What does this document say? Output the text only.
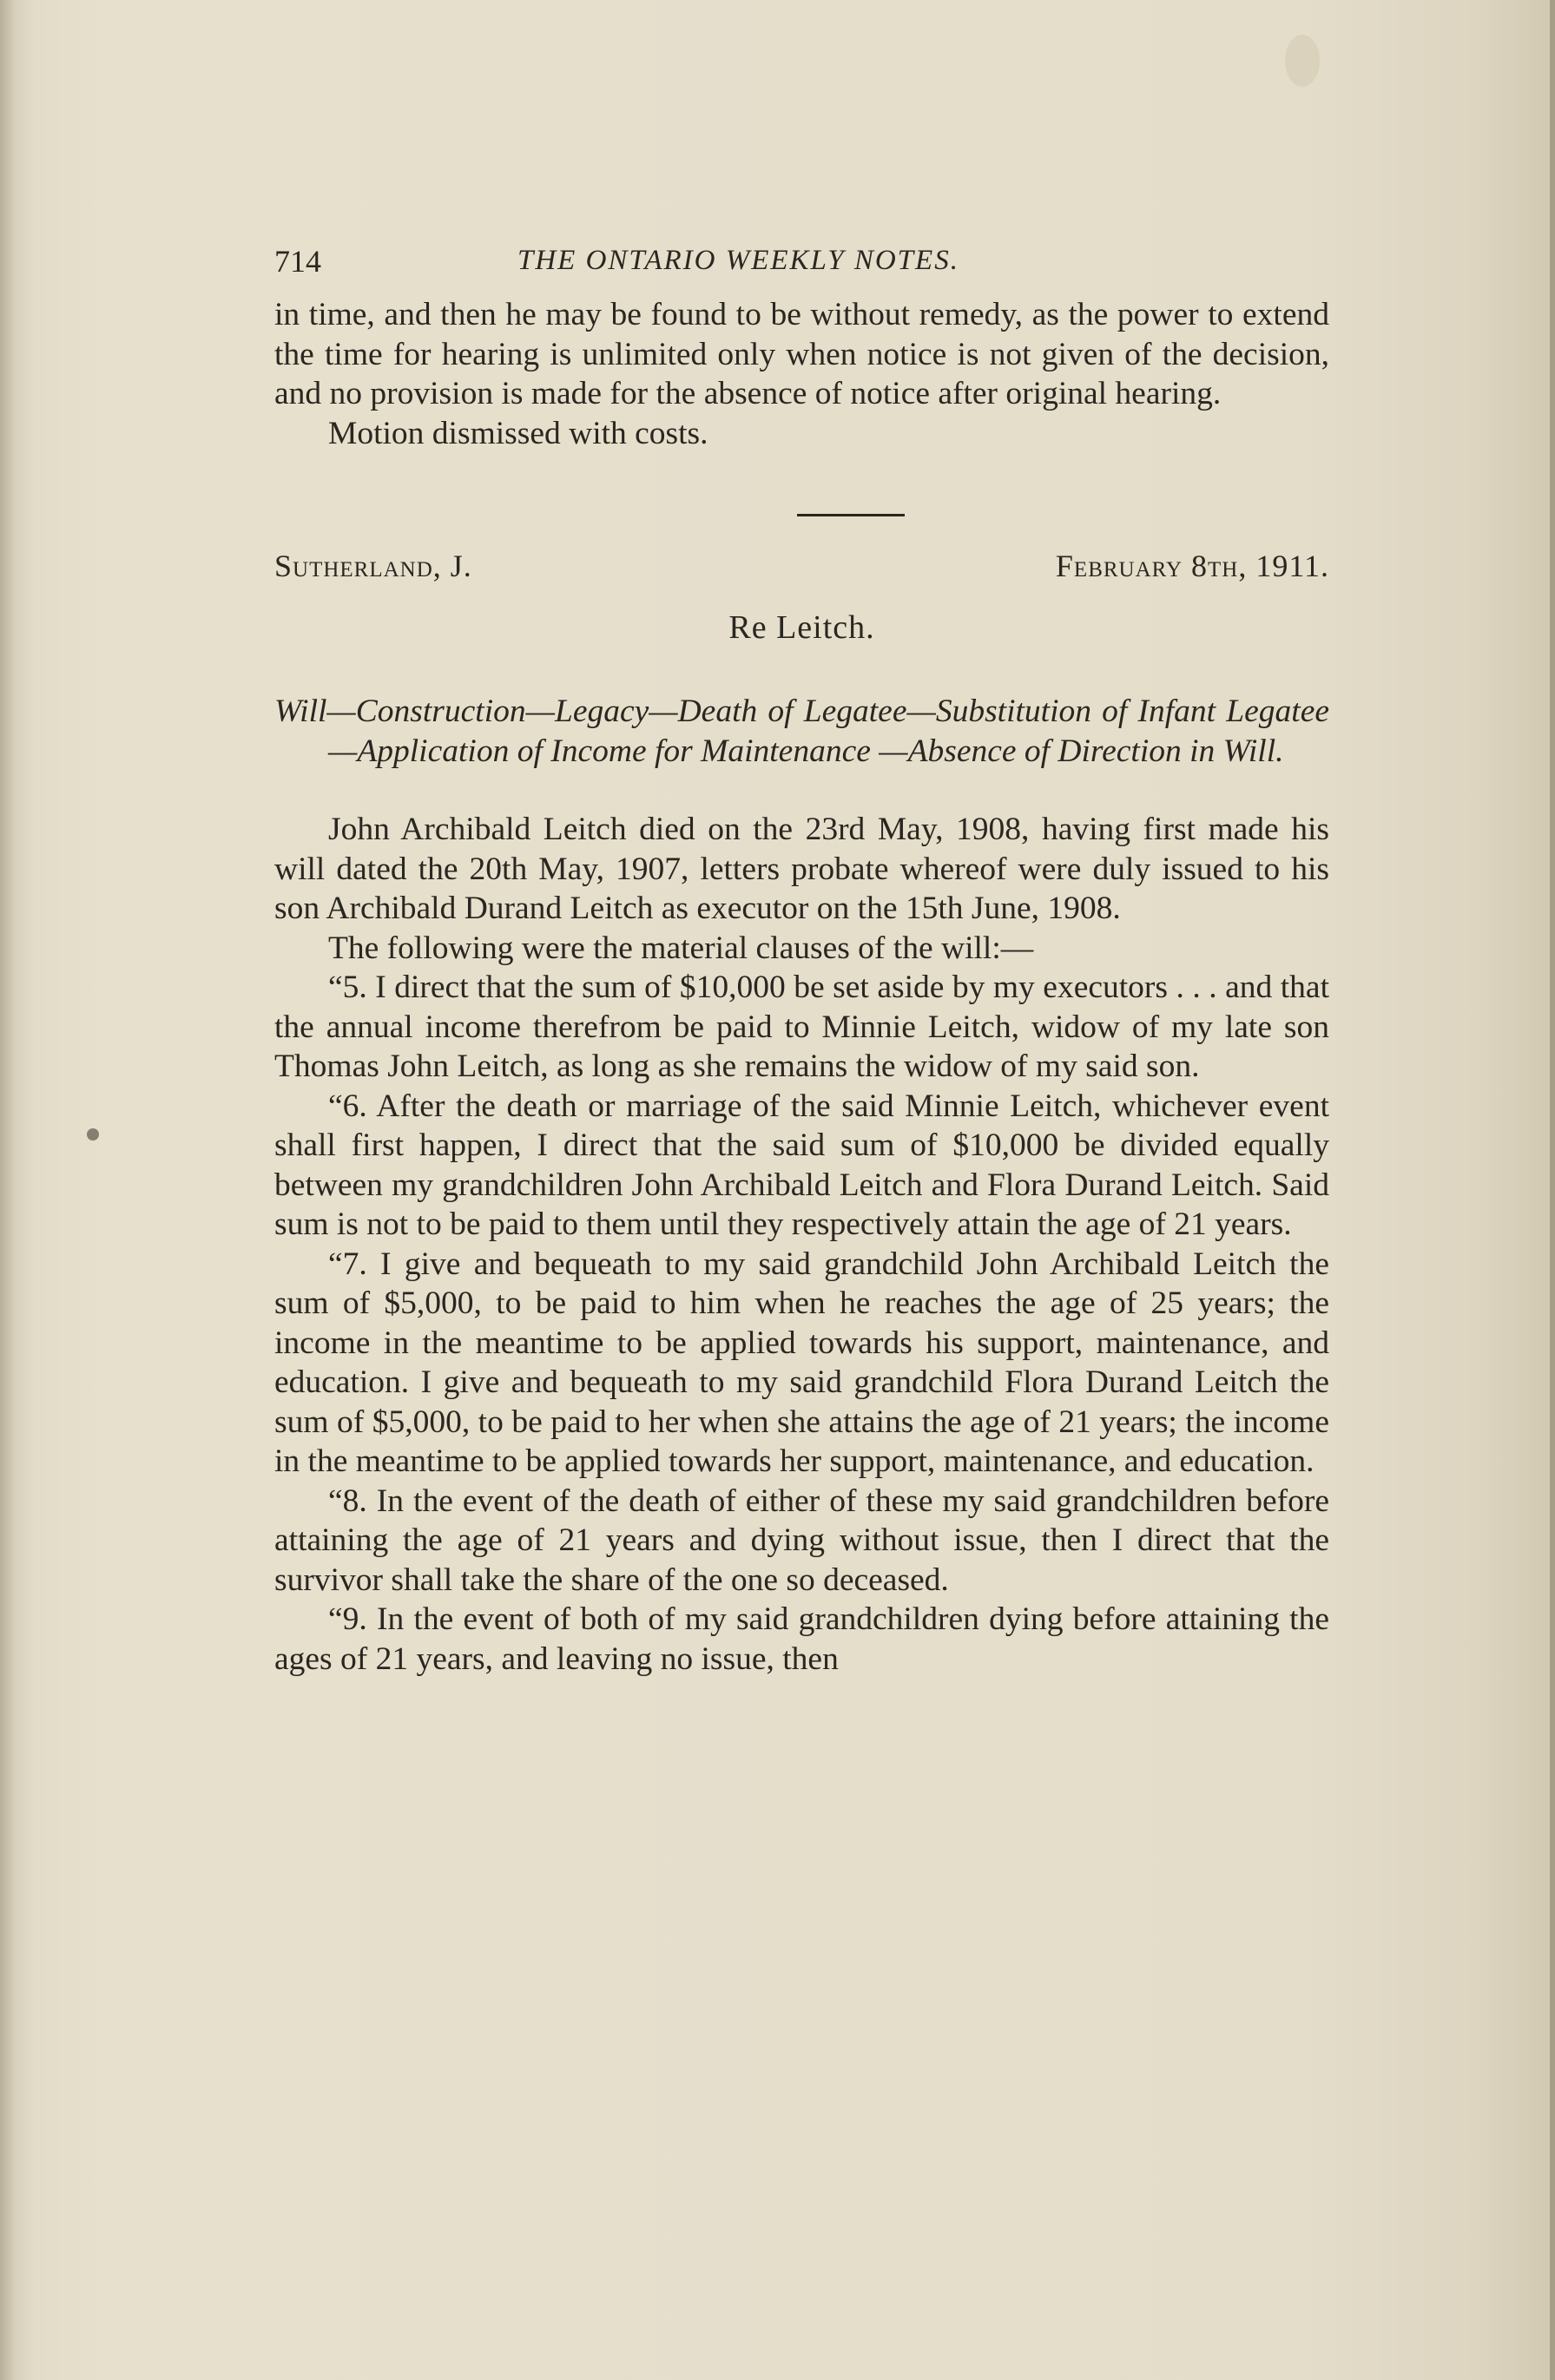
714	THE ONTARIO WEEKLY NOTES.

in time, and then he may be found to be without remedy, as the power to extend the time for hearing is unlimited only when notice is not given of the decision, and no provision is made for the absence of notice after original hearing.

Motion dismissed with costs.

Sutherland, J.	February 8th, 1911.
Re Leitch.
Will—Construction—Legacy—Death of Legatee—Substitution of Infant Legatee—Application of Income for Maintenance —Absence of Direction in Will.

John Archibald Leitch died on the 23rd May, 1908, having first made his will dated the 20th May, 1907, letters probate whereof were duly issued to his son Archibald Durand Leitch as executor on the 15th June, 1908.

The following were the material clauses of the will:—

“5. I direct that the sum of $10,000 be set aside by my executors . . . and that the annual income therefrom be paid to Minnie Leitch, widow of my late son Thomas John Leitch, as long as she remains the widow of my said son.

“6. After the death or marriage of the said Minnie Leitch, whichever event shall first happen, I direct that the said sum of $10,000 be divided equally between my grandchildren John Archibald Leitch and Flora Durand Leitch. Said sum is not to be paid to them until they respectively attain the age of 21 years.

“7. I give and bequeath to my said grandchild John Archibald Leitch the sum of $5,000, to be paid to him when he reaches the age of 25 years; the income in the meantime to be applied towards his support, maintenance, and education. I give and bequeath to my said grandchild Flora Durand Leitch the sum of $5,000, to be paid to her when she attains the age of 21 years; the income in the meantime to be applied towards her support, maintenance, and education.

“8. In the event of the death of either of these my said grandchildren before attaining the age of 21 years and dying without issue, then I direct that the survivor shall take the share of the one so deceased.

“9. In the event of both of my said grandchildren dying before attaining the ages of 21 years, and leaving no issue, then
